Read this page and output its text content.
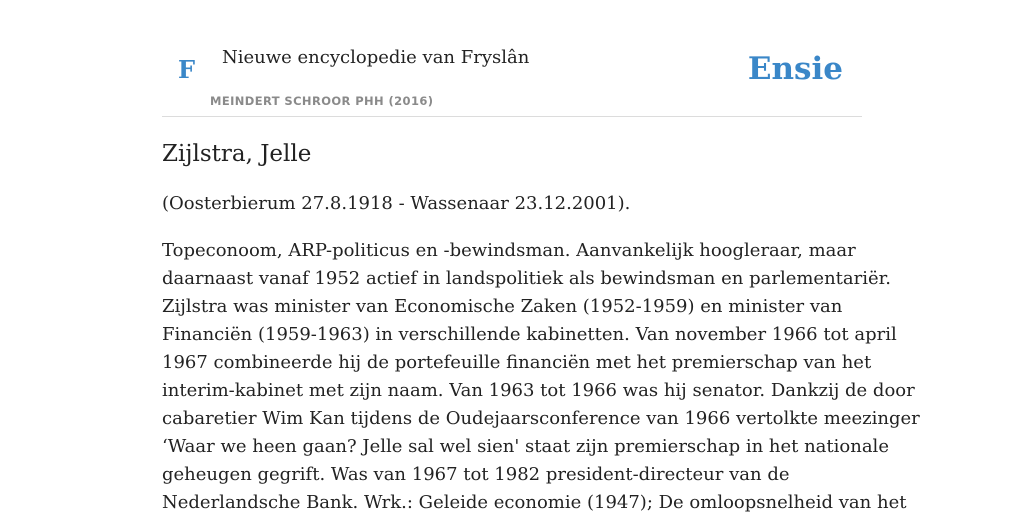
F Nieuwe encyclopedie van Fryslân
MEINDERT SCHROOR PHH (2016)
Ensie
Zijlstra, Jelle

(Oosterbierum 27.8.1918 - Wassenaar 23.12.2001).

Topeconoom, ARP-politicus en -bewindsman. Aanvankelijk hoogleraar, maar
daarnaast vanaf 1952 actief in landspolitiek als bewindsman en parlementariër.
Zijlstra was minister van Economische Zaken (1952-1959) en minister van
Financiën (1959-1963) in verschillende kabinetten. Van november 1966 tot april
1967 combineerde hij de portefeuille financiën met het premierschap van het
interim-kabinet met zijn naam. Van 1963 tot 1966 was hij senator. Dankzij de door
cabaretier Wim Kan tijdens de Oudejaarsconference van 1966 vertolkte meezinger
‘Waar we heen gaan? Jelle sal wel sien' staat zijn premierschap in het nationale
geheugen gegrift. Was van 1967 tot 1982 president-directeur van de
Nederlandsche Bank. Wrk.: Geleide economie (1947); De omloopsnelheid van het
